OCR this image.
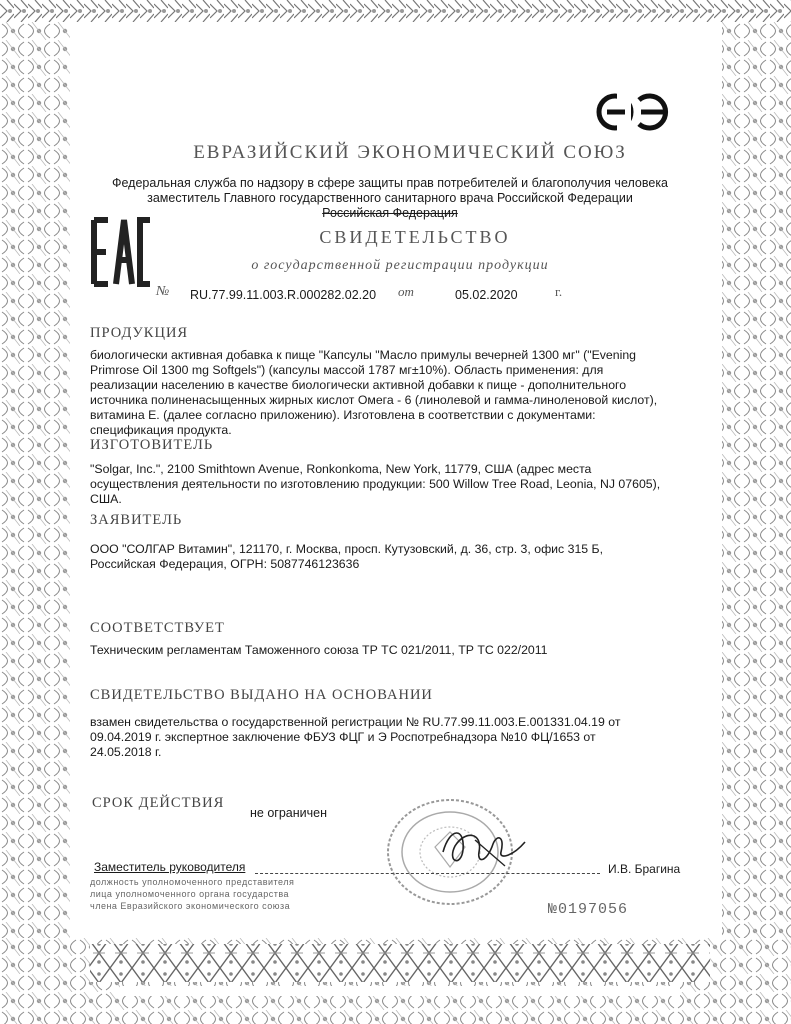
ЕВРАЗИЙСКИЙ ЭКОНОМИЧЕСКИЙ СОЮЗ
Федеральная служба по надзору в сфере защиты прав потребителей и благополучия человека
заместитель Главного государственного санитарного врача Российской Федерации
Российская Федерация
СВИДЕТЕЛЬСТВО
о государственной регистрации продукции
№ RU.77.99.11.003.R.000282.02.20 от	05.02.2020	г.
ПРОДУКЦИЯ
биологически активная добавка к пище "Капсулы "Масло примулы вечерней 1300 мг" ("Evening
Primrose Oil 1300 mg Softgels") (капсулы массой 1787 мг±10%). Область применения: для
реализации населению в качестве биологически активной добавки к пище - дополнительного
источника полиненасыщенных жирных кислот Омега - 6 (линолевой и гамма-линоленовой кислот),
витамина Е. (далее согласно приложению). Изготовлена в соответствии с документами:
спецификация продукта.
ИЗГОТОВИТЕЛЬ
"Solgar, Inc.", 2100 Smithtown Avenue, Ronkonkoma, New York, 11779, США (адрес места
осуществления деятельности по изготовлению продукции: 500 Willow Tree Road, Leonia, NJ 07605),
США.
ЗАЯВИТЕЛЬ
ООО "СОЛГАР Витамин", 121170, г. Москва, просп. Кутузовский, д. 36, стр. 3, офис 315 Б,
Российская Федерация, ОГРН: 5087746123636
СООТВЕТСТВУЕТ
Техническим регламентам Таможенного союза ТР ТС 021/2011, ТР ТС 022/2011
СВИДЕТЕЛЬСТВО ВЫДАНО НА ОСНОВАНИИ
взамен свидетельства о государственной регистрации № RU.77.99.11.003.Е.001331.04.19 от
09.04.2019 г. экспертное заключение ФБУЗ ФЦГ и Э Роспотребнадзора №10 ФЦ/1653 от
24.05.2018 г.
СРОК ДЕЙСТВИЯ
не ограничен
Заместитель руководителя	И.В. Брагина
должность уполномоченного представителя
лица уполномоченного органа государства
члена Евразийского экономического союза	№0197056
